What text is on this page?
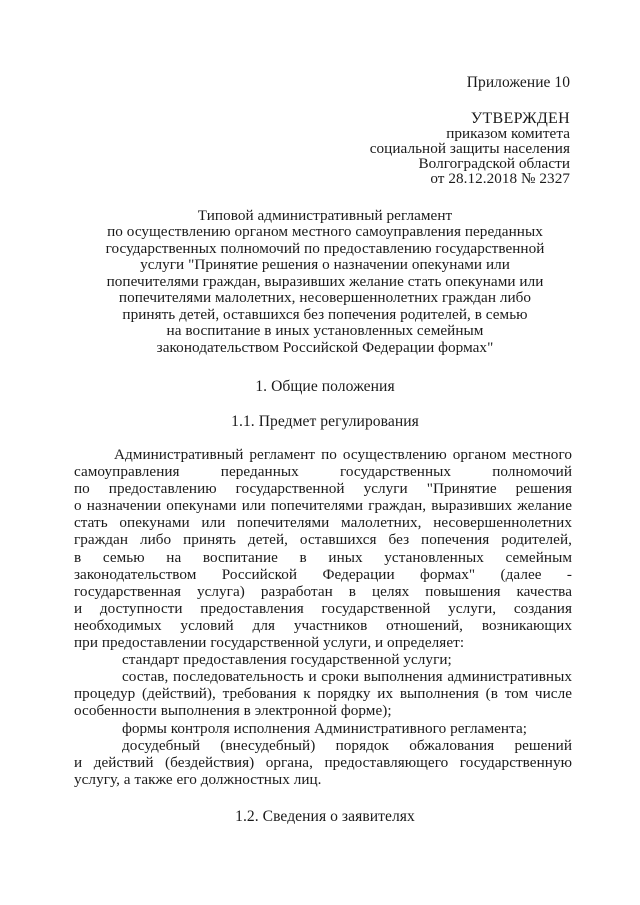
Приложение 10
УТВЕРЖДЕН
приказом комитета
социальной защиты населения
Волгоградской области
от 28.12.2018 № 2327
Типовой административный регламент
по осуществлению органом местного самоуправления переданных
государственных полномочий по предоставлению государственной
услуги "Принятие решения о назначении опекунами или
попечителями граждан, выразивших желание стать опекунами или
попечителями малолетних, несовершеннолетних граждан либо
принять детей, оставшихся без попечения родителей, в семью
на воспитание в иных установленных семейным
законодательством Российской Федерации формах"
1. Общие положения
1.1. Предмет регулирования
Административный регламент по осуществлению органом местного
самоуправления переданных государственных полномочий
по предоставлению государственной услуги "Принятие решения
о назначении опекунами или попечителями граждан, выразивших желание
стать опекунами или попечителями малолетних, несовершеннолетних
граждан либо принять детей, оставшихся без попечения родителей,
в семью на воспитание в иных установленных семейным
законодательством Российской Федерации формах" (далее -
государственная услуга) разработан в целях повышения качества
и доступности предоставления государственной услуги, создания
необходимых условий для участников отношений, возникающих
при предоставлении государственной услуги, и определяет:
стандарт предоставления государственной услуги;
состав, последовательность и сроки выполнения административных
процедур (действий), требования к порядку их выполнения (в том числе
особенности выполнения в электронной форме);
формы контроля исполнения Административного регламента;
досудебный (внесудебный) порядок обжалования решений
и действий (бездействия) органа, предоставляющего государственную
услугу, а также его должностных лиц.
1.2. Сведения о заявителях
